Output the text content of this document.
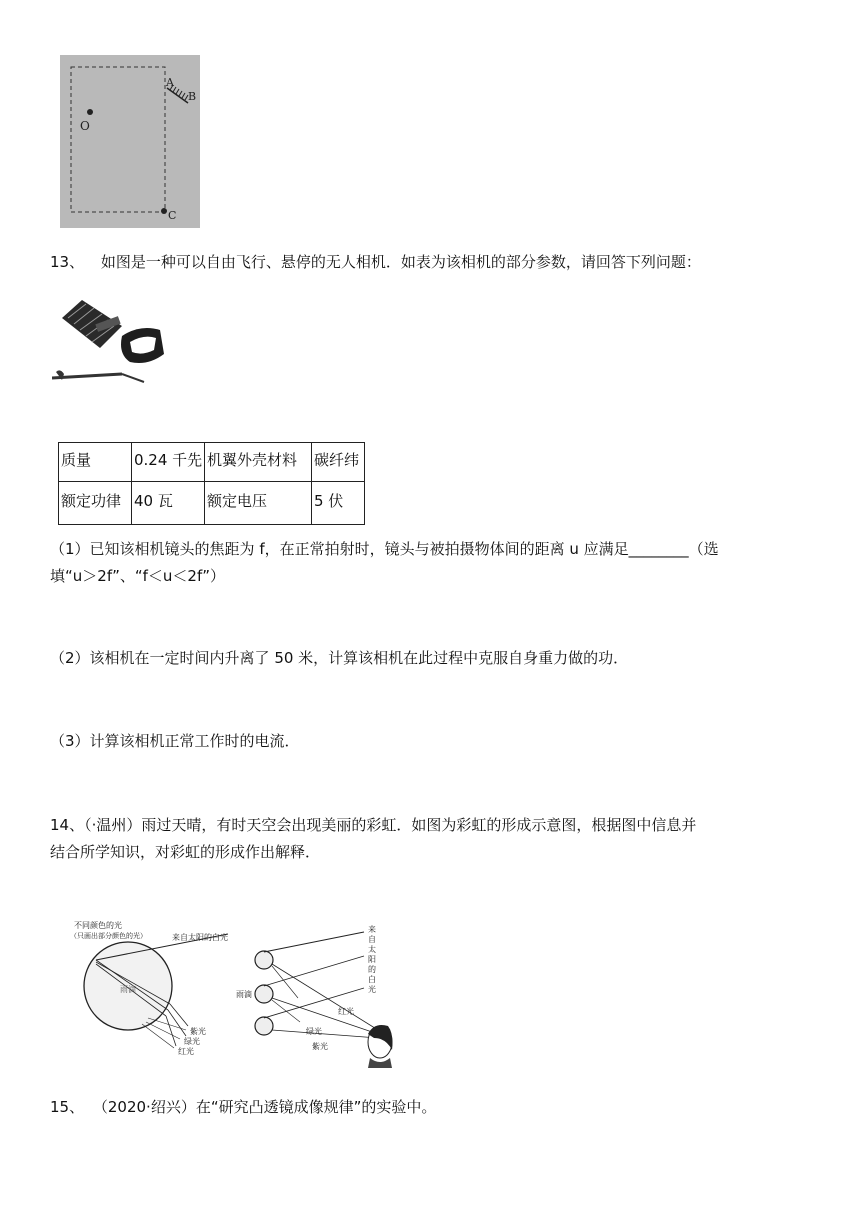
A
B
O
C
13、 如图是一种可以自由飞行、悬停的无人相机．如表为该相机的部分参数，请回答下列问题：
质量	0.24 千先	机翼外壳材料	碳纤纬
额定功律	40 瓦	额定电压	5 伏
（1）已知该相机镜头的焦距为 f，在正常拍射时，镜头与被拍摄物体间的距离 u 应满足________（选
填“u＞2f”、“f＜u＜2f”）
（2）该相机在一定时间内升离了 50 米，计算该相机在此过程中克服自身重力做的功．
（3）计算该相机正常工作时的电流．
14、（·温州）雨过天晴，有时天空会出现美丽的彩虹．如图为彩虹的形成示意图，根据图中信息并
结合所学知识，对彩虹的形成作出解释．
不同颜色的光
（只画出部分颜色的光）	来自太阳的白光
雨滴
紫光
绿光
红光
来
自
太
阳
的
白
光
雨滴
红光
绿光
紫光
15、 （2020·绍兴）在“研究凸透镜成像规律”的实验中。
